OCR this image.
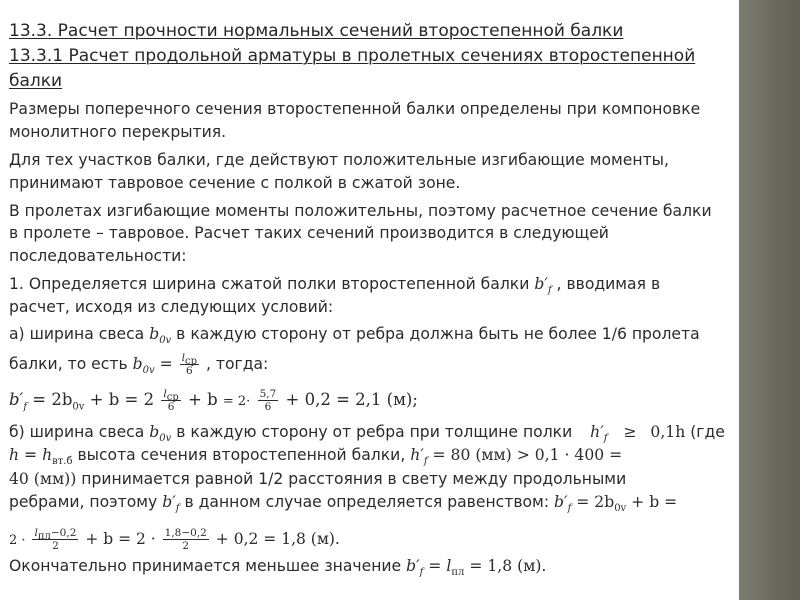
13.3. Расчет прочности нормальных сечений второстепенной балки
13.3.1 Расчет продольной арматуры в пролетных сечениях второстепенной
балки
Размеры поперечного сечения второстепенной балки определены при компоновке
монолитного перекрытия.
Для тех участков балки, где действуют положительные изгибающие моменты,
принимают тавровое сечение с полкой в сжатой зоне.
В пролетах изгибающие моменты положительны, поэтому расчетное сечение балки
в пролете – тавровое. Расчет таких сечений производится в следующей
последовательности:
1. Определяется ширина сжатой полки второстепенной балки $b'_f$ , вводимая в
расчет, исходя из следующих условий:
а) ширина свеса $b_{0v}$ в каждую сторону от ребра должна быть не более 1/6 пролета
балки, то есть $b_{0v} = \frac{l_{ср}}{6}$ , тогда:
$b'_f = 2b_{0v} + b = 2 \frac{l_{ср}}{6} + b = 2\cdot \frac{5,7}{6} + 0,2 = 2,1$ (м);
б) ширина свеса $b_{0v}$ в каждую сторону от ребра при толщине полки $h'_f \ge 0,1h$ (где
$h = h_{вт.б}$ высота сечения второстепенной балки, $h'_f = 80$ (мм) > 0,1 · 400 =
40 (мм)) принимается равной 1/2 расстояния в свету между продольными
ребрами, поэтому $b'_f$ в данном случае определяется равенством: $b'_f = 2b_{0v} + b$ =
$2 \cdot \frac{l_{пл}-0,2}{2} + b = 2 \cdot \frac{1,8-0,2}{2} + 0,2 = 1,8$ (м).
Окончательно принимается меньшее значение $b'_f = l_{пл} = 1,8$ (м).
